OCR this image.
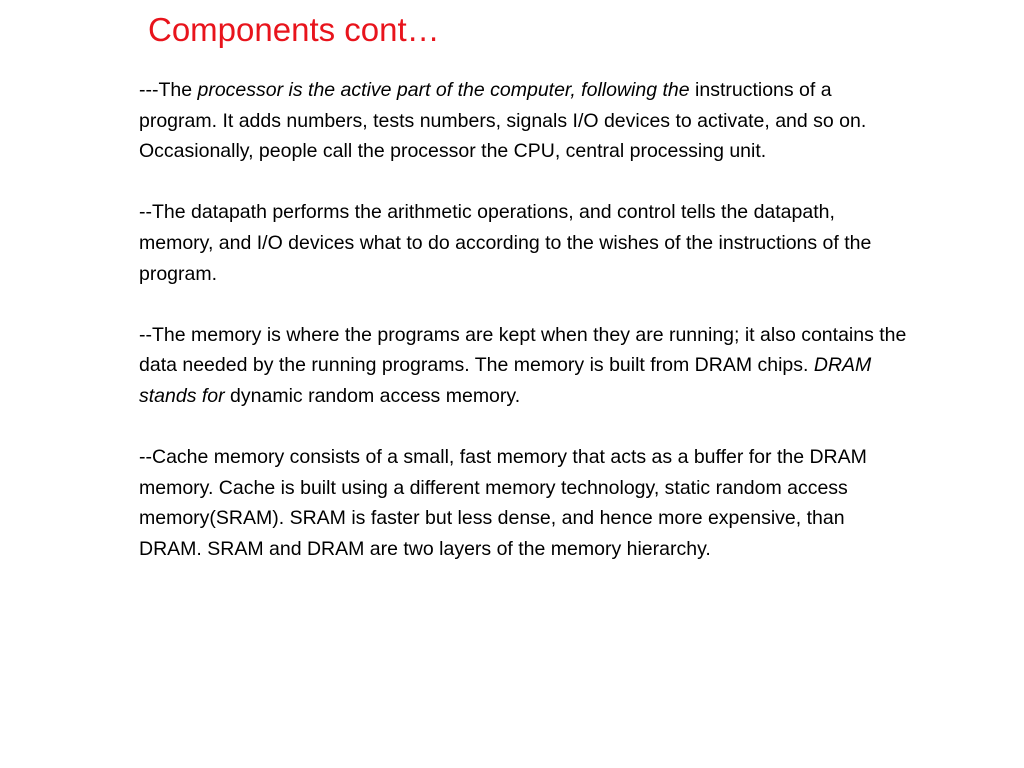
Components cont…

---The processor is the active part of the computer, following the instructions of a program. It adds numbers, tests numbers, signals I/O devices to activate, and so on. Occasionally, people call the processor the CPU, central processing unit.

--The datapath performs the arithmetic operations, and control tells the datapath, memory, and I/O devices what to do according to the wishes of the instructions of the program.

--The memory is where the programs are kept when they are running; it also contains the data needed by the running programs. The memory is built from DRAM chips. DRAM stands for dynamic random access memory.

--Cache memory consists of a small, fast memory that acts as a buffer for the DRAM memory. Cache is built using a different memory technology, static random access memory(SRAM). SRAM is faster but less dense, and hence more expensive, than DRAM. SRAM and DRAM are two layers of the memory hierarchy.
